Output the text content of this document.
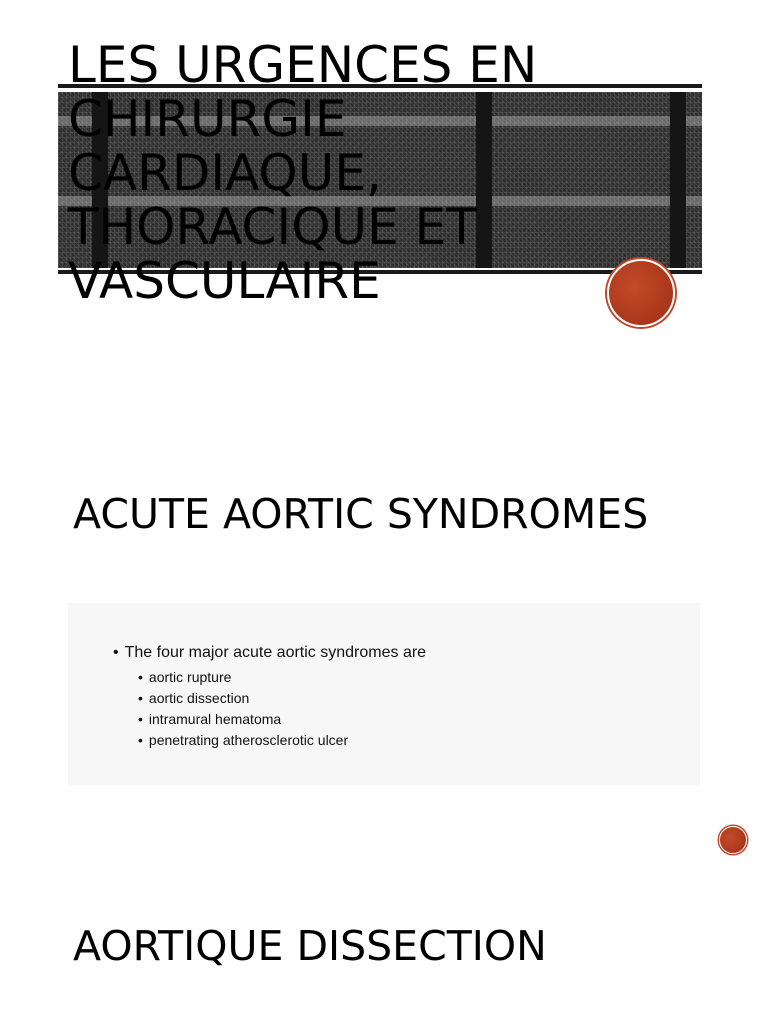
LES URGENCES EN CHIRURGIE CARDIAQUE, THORACIQUE ET VASCULAIRE
ACUTE AORTIC SYNDROMES
• The four major acute aortic syndromes are
• aortic rupture
• aortic dissection
• intramural hematoma
• penetrating atherosclerotic ulcer
AORTIQUE DISSECTION
